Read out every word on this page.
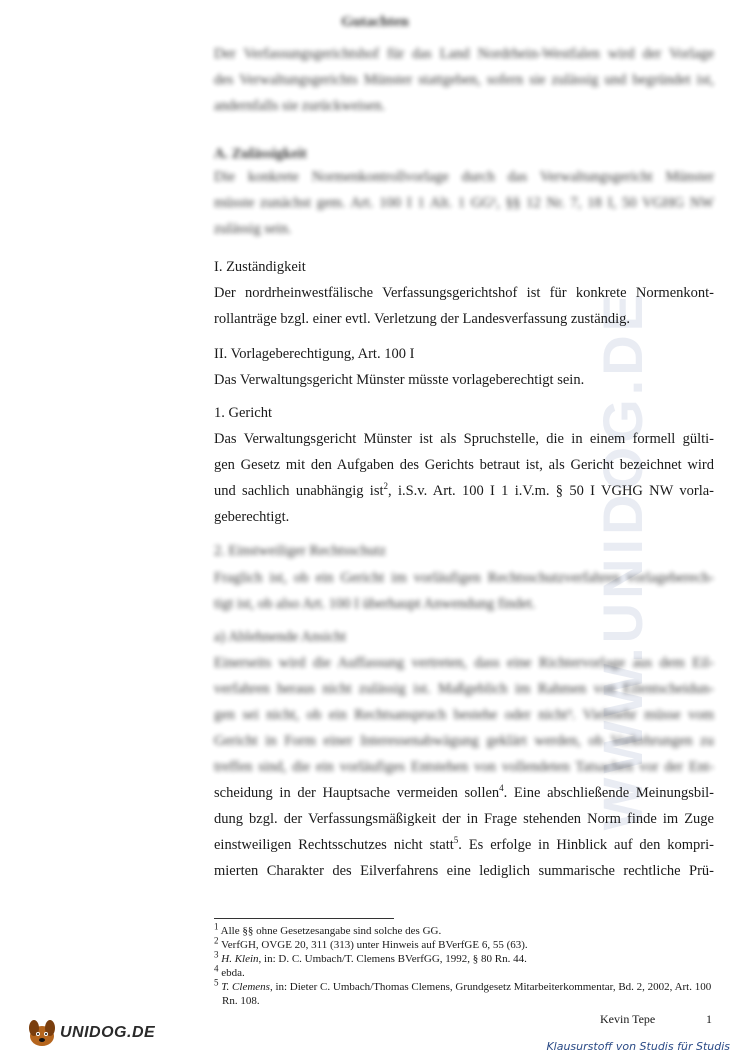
WWW.UNIDOG.DE
Gutachten
Der Verfassungsgerichtshof für das Land Nordrhein-Westfalen wird der Vorlage
des Verwaltungsgerichts Münster stattgeben, sofern sie zulässig und begründet ist,
andernfalls sie zurückweisen.
A. Zulässigkeit
Die konkrete Normenkontrollvorlage durch das Verwaltungsgericht Münster
müsste zunächst gem. Art. 100 I 1 Alt. 1 GG¹, §§ 12 Nr. 7, 18 I, 50 VGHG NW
zulässig sein.
I. Zuständigkeit
Der nordrheinwestfälische Verfassungsgerichtshof ist für konkrete Normenkont-
rollanträge bzgl. einer evtl. Verletzung der Landesverfassung zuständig.
II. Vorlageberechtigung, Art. 100 I
Das Verwaltungsgericht Münster müsste vorlageberechtigt sein.
1. Gericht
Das Verwaltungsgericht Münster ist als Spruchstelle, die in einem formell gülti-
gen Gesetz mit den Aufgaben des Gerichts betraut ist, als Gericht bezeichnet wird
und sachlich unabhängig ist$^2$, i.S.v. Art. 100 I 1 i.V.m. § 50 I VGHG NW vorla-
geberechtigt.
2. Einstweiliger Rechtsschutz
Fraglich ist, ob ein Gericht im vorläufigen Rechtsschutzverfahren vorlageberech-
tigt ist, ob also Art. 100 I überhaupt Anwendung findet.
a) Ablehnende Ansicht
Einerseits wird die Auffassung vertreten, dass eine Richtervorlage aus dem Eil-
verfahren heraus nicht zulässig ist. Maßgeblich im Rahmen von Eilentscheidun-
gen sei nicht, ob ein Rechtsanspruch bestehe oder nicht³. Vielmehr müsse vom
Gericht in Form einer Interessenabwägung geklärt werden, ob Vorkehrungen zu
treffen sind, die ein vorläufiges Entstehen von vollendeten Tatsachen vor der Ent-
scheidung in der Hauptsache vermeiden sollen$^4$. Eine abschließende Meinungsbil-
dung bzgl. der Verfassungsmäßigkeit der in Frage stehenden Norm finde im Zuge
einstweiligen Rechtsschutzes nicht statt$^5$. Es erfolge in Hinblick auf den kompri-
mierten Charakter des Eilverfahrens eine lediglich summarische rechtliche Prü-
$^1$ Alle §§ ohne Gesetzesangabe sind solche des GG.
$^2$ VerfGH, OVGE 20, 311 (313) unter Hinweis auf BVerfGE 6, 55 (63).
$^3$ H. Klein, in: D. C. Umbach/T. Clemens BVerfGG, 1992, § 80 Rn. 44.
$^4$ ebda.
$^5$ T. Clemens, in: Dieter C. Umbach/Thomas Clemens, Grundgesetz Mitarbeiterkommentar, Bd. 2, 2002, Art. 100 Rn. 108.
Kevin Tepe	1
UNIDOG.DE
Klausurstoff von Studis für Studis
